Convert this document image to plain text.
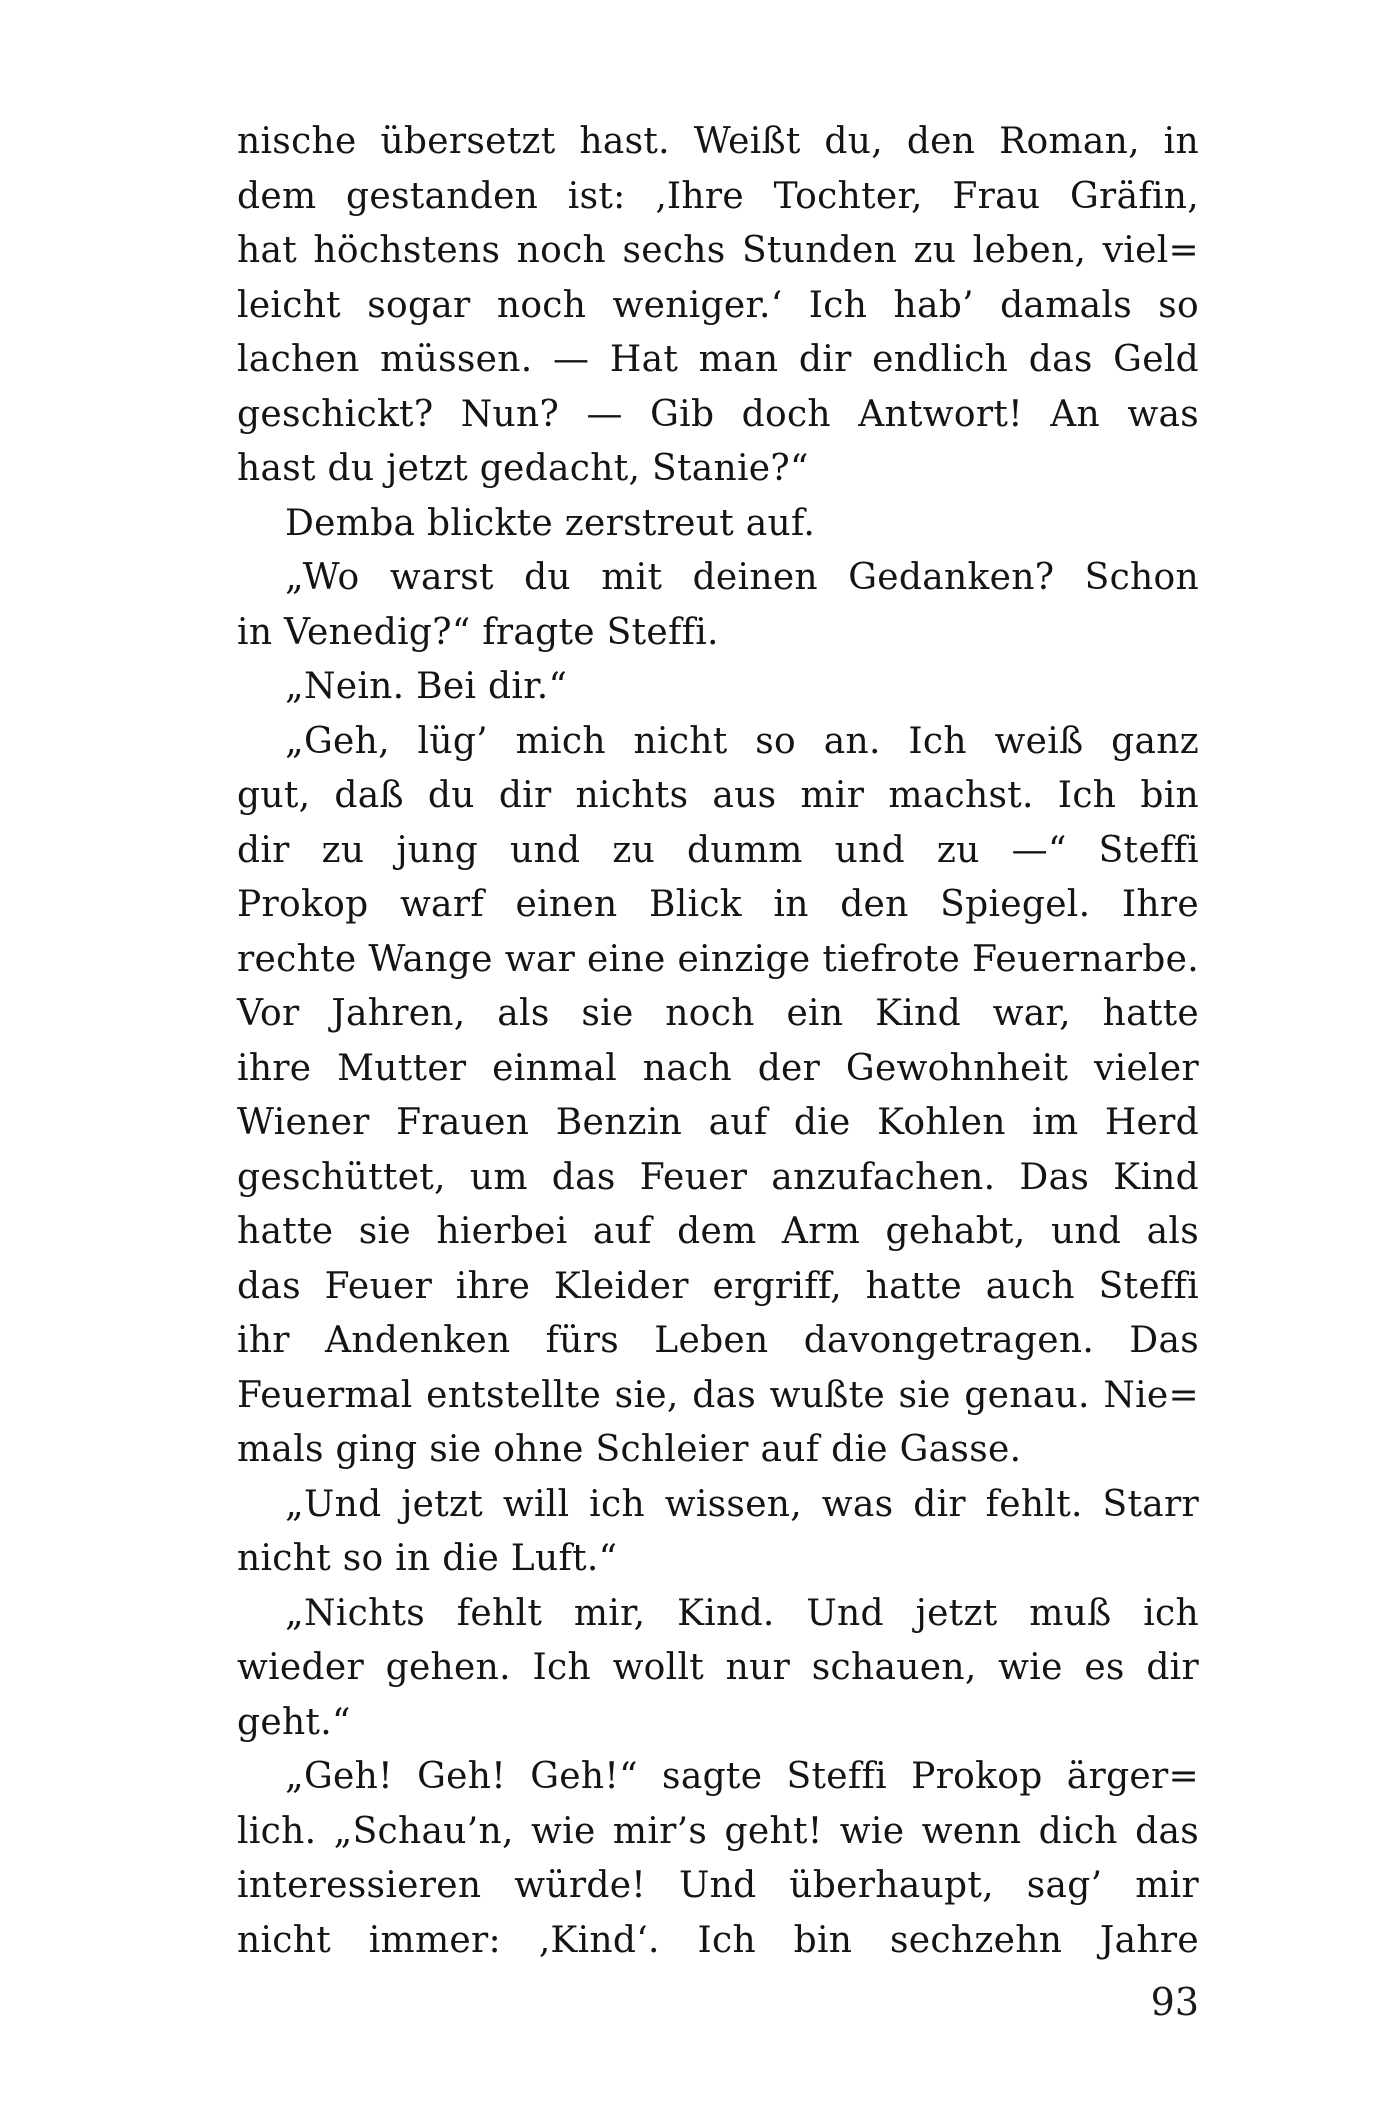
nische übersetzt hast. Weißt du, den Roman, in
dem gestanden ist: ‚Ihre Tochter, Frau Gräfin,
hat höchstens noch sechs Stunden zu leben, viel=
leicht sogar noch weniger.‘ Ich hab’ damals so
lachen müssen. — Hat man dir endlich das Geld
geschickt? Nun? — Gib doch Antwort! An was
hast du jetzt gedacht, Stanie?“

Demba blickte zerstreut auf.

„Wo warst du mit deinen Gedanken? Schon
in Venedig?“ fragte Steffi.

„Nein. Bei dir.“

„Geh, lüg’ mich nicht so an. Ich weiß ganz
gut, daß du dir nichts aus mir machst. Ich bin
dir zu jung und zu dumm und zu —“ Steffi
Prokop warf einen Blick in den Spiegel. Ihre
rechte Wange war eine einzige tiefrote Feuernarbe.
Vor Jahren, als sie noch ein Kind war, hatte
ihre Mutter einmal nach der Gewohnheit vieler
Wiener Frauen Benzin auf die Kohlen im Herd
geschüttet, um das Feuer anzufachen. Das Kind
hatte sie hierbei auf dem Arm gehabt, und als
das Feuer ihre Kleider ergriff, hatte auch Steffi
ihr Andenken fürs Leben davongetragen. Das
Feuermal entstellte sie, das wußte sie genau. Nie=
mals ging sie ohne Schleier auf die Gasse.

„Und jetzt will ich wissen, was dir fehlt. Starr
nicht so in die Luft.“

„Nichts fehlt mir, Kind. Und jetzt muß ich
wieder gehen. Ich wollt nur schauen, wie es dir
geht.“

„Geh! Geh! Geh!“ sagte Steffi Prokop ärger=
lich. „Schau’n, wie mir’s geht! wie wenn dich das
interessieren würde! Und überhaupt, sag’ mir
nicht immer: ‚Kind‘. Ich bin sechzehn Jahre

93
